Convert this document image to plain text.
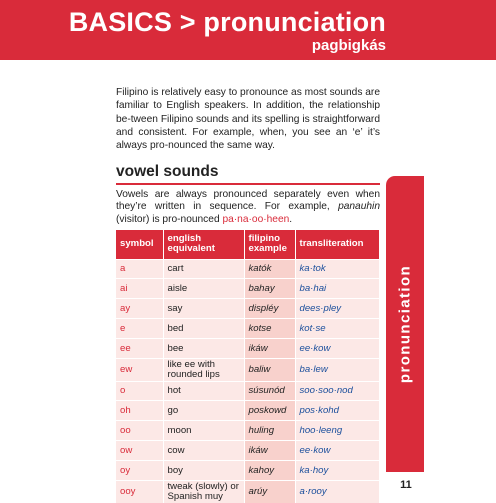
BASICS > pronunciation
pagbigkás

Filipino is relatively easy to pronounce as most sounds are familiar to English speakers. In addition, the relationship be-tween Filipino sounds and its spelling is straightforward and consistent. For example, when, you see an ‘e’ it’s always pro-nounced the same way.

vowel sounds

Vowels are always pronounced separately even when they’re written in sequence. For example, panauhin (visitor) is pro-nounced pa·na·oo·heen.

pronunciation
symbol	english equivalent	filipino example	transliteration
a	cart	katók	ka·tok
ai	aisle	bahay	ba·hai
ay	say	displéy	dees·pley
e	bed	kotse	kot·se
ee	bee	ikáw	ee·kow
ew	like ee with rounded lips	baliw	ba·lew
o	hot	súsunód	soo·soo·nod
oh	go	poskowd	pos·kohd
oo	moon	huling	hoo·leeng
ow	cow	ikáw	ee·kow
oy	boy	kahoy	ka·hoy
ooy	tweak (slowly) or Spanish muy	arúy	a·rooy
11
